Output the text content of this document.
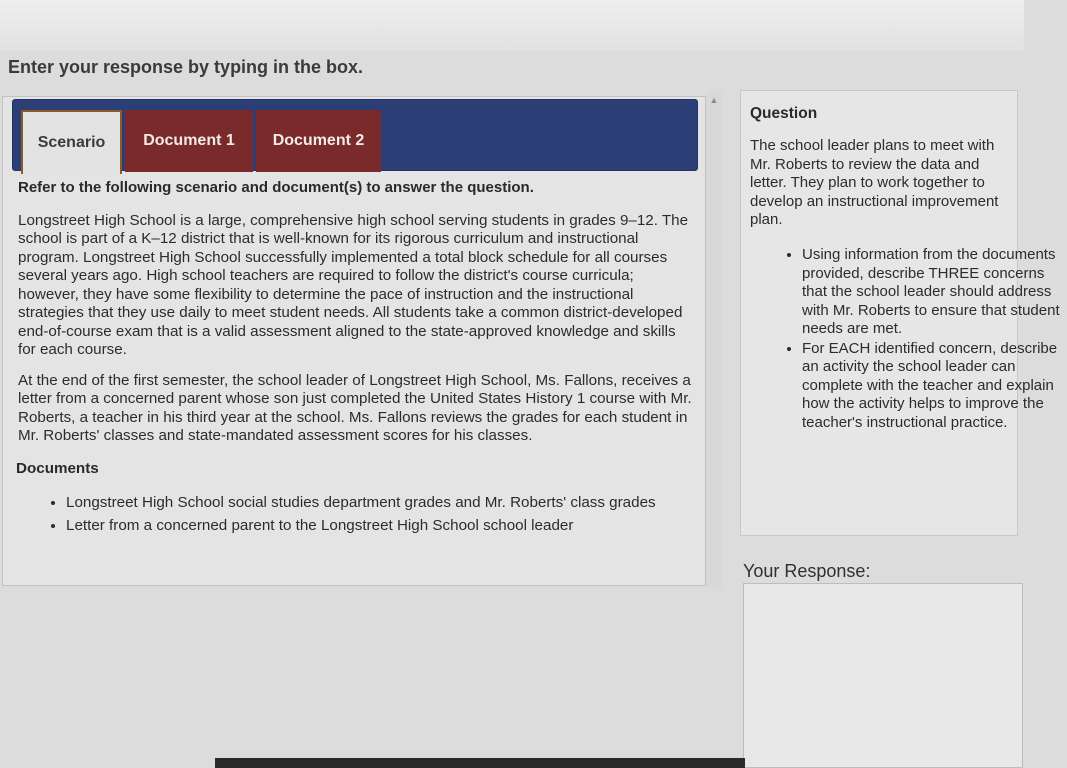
Enter your response by typing in the box.

Scenario	Document 1	Document 2

Refer to the following scenario and document(s) to answer the question.

Longstreet High School is a large, comprehensive high school serving students in grades 9–12. The school is part of a K–12 district that is well-known for its rigorous curriculum and instructional program. Longstreet High School successfully implemented a total block schedule for all courses several years ago. High school teachers are required to follow the district's course curricula; however, they have some flexibility to determine the pace of instruction and the instructional strategies that they use daily to meet student needs. All students take a common district-developed end-of-course exam that is a valid assessment aligned to the state-approved knowledge and skills for each course.

At the end of the first semester, the school leader of Longstreet High School, Ms. Fallons, receives a letter from a concerned parent whose son just completed the United States History 1 course with Mr. Roberts, a teacher in his third year at the school. Ms. Fallons reviews the grades for each student in Mr. Roberts' classes and state-mandated assessment scores for his classes.

Documents

• Longstreet High School social studies department grades and Mr. Roberts' class grades
• Letter from a concerned parent to the Longstreet High School school leader
▲
Question
The school leader plans to meet with Mr. Roberts to review the data and letter. They plan to work together to develop an instructional improvement plan.
• Using information from the documents provided, describe THREE concerns that the school leader should address with Mr. Roberts to ensure that student needs are met.
• For EACH identified concern, describe an activity the school leader can complete with the teacher and explain how the activity helps to improve the teacher's instructional practice.
Your Response:
